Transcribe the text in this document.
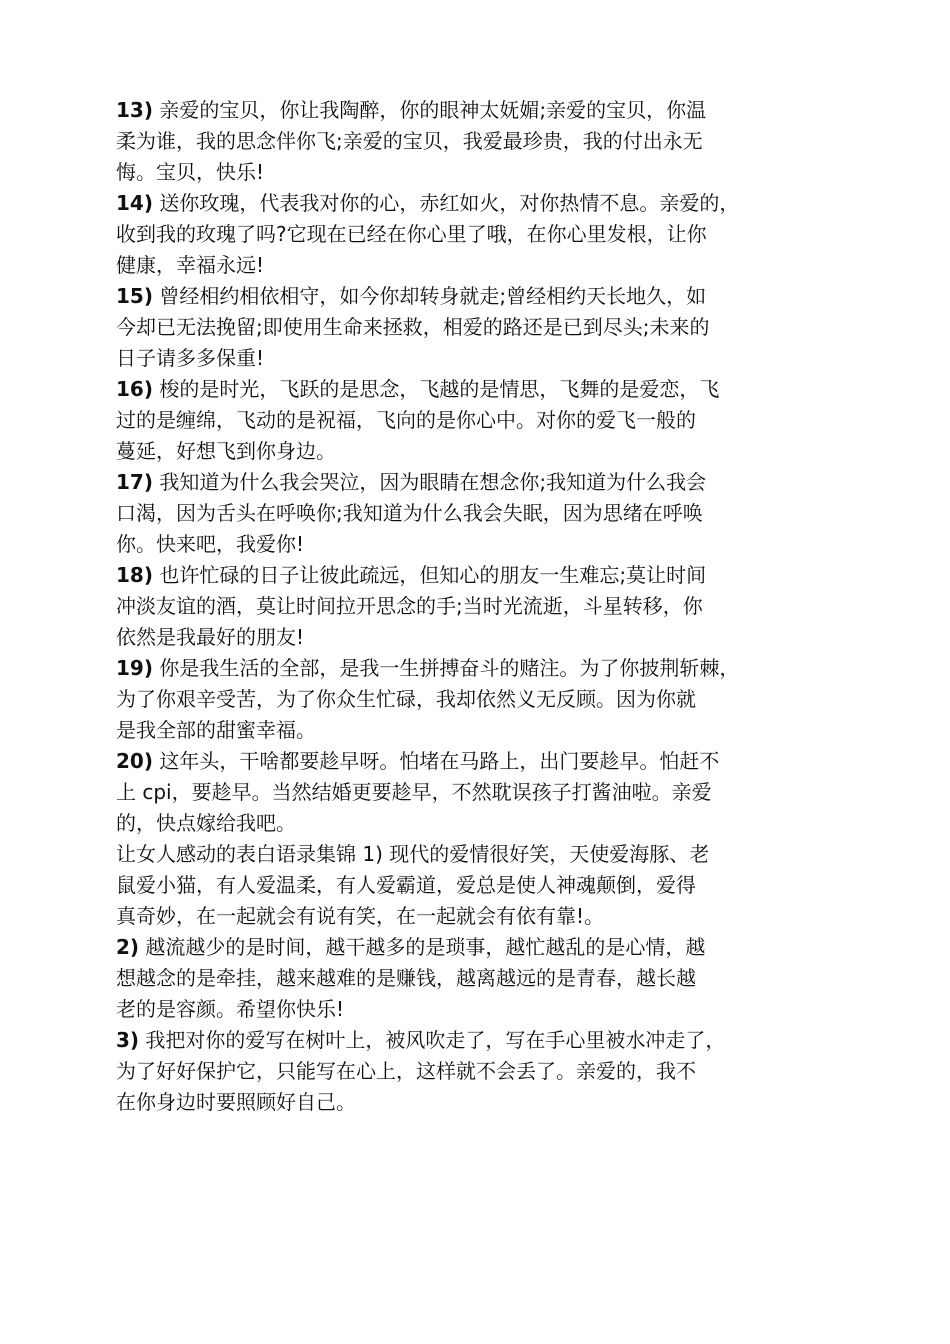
13) 亲爱的宝贝，你让我陶醉，你的眼神太妩媚;亲爱的宝贝，你温
柔为谁，我的思念伴你飞;亲爱的宝贝，我爱最珍贵，我的付出永无
悔。宝贝，快乐!
14) 送你玫瑰，代表我对你的心，赤红如火，对你热情不息。亲爱的，
收到我的玫瑰了吗?它现在已经在你心里了哦，在你心里发根，让你
健康，幸福永远!
15) 曾经相约相依相守，如今你却转身就走;曾经相约天长地久，如
今却已无法挽留;即使用生命来拯救，相爱的路还是已到尽头;未来的
日子请多多保重!
16) 梭的是时光，飞跃的是思念，飞越的是情思，飞舞的是爱恋，飞
过的是缠绵，飞动的是祝福，飞向的是你心中。对你的爱飞一般的
蔓延，好想飞到你身边。
17) 我知道为什么我会哭泣，因为眼睛在想念你;我知道为什么我会
口渴，因为舌头在呼唤你;我知道为什么我会失眠，因为思绪在呼唤
你。快来吧，我爱你!
18) 也许忙碌的日子让彼此疏远，但知心的朋友一生难忘;莫让时间
冲淡友谊的酒，莫让时间拉开思念的手;当时光流逝，斗星转移，你
依然是我最好的朋友!
19) 你是我生活的全部，是我一生拼搏奋斗的赌注。为了你披荆斩棘，
为了你艰辛受苦，为了你众生忙碌，我却依然义无反顾。因为你就
是我全部的甜蜜幸福。
20) 这年头，干啥都要趁早呀。怕堵在马路上，出门要趁早。怕赶不
上 cpi，要趁早。当然结婚更要趁早，不然耽误孩子打酱油啦。亲爱
的，快点嫁给我吧。
让女人感动的表白语录集锦 1) 现代的爱情很好笑，天使爱海豚、老
鼠爱小猫，有人爱温柔，有人爱霸道，爱总是使人神魂颠倒，爱得
真奇妙，在一起就会有说有笑，在一起就会有依有靠!。
2) 越流越少的是时间，越干越多的是琐事，越忙越乱的是心情，越
想越念的是牵挂，越来越难的是赚钱，越离越远的是青春，越长越
老的是容颜。希望你快乐!
3) 我把对你的爱写在树叶上，被风吹走了，写在手心里被水冲走了，
为了好好保护它，只能写在心上，这样就不会丢了。亲爱的，我不
在你身边时要照顾好自己。
